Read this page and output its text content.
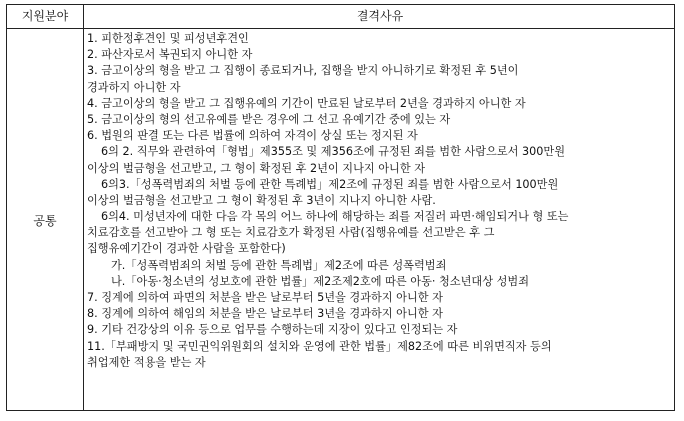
지원분야	결격사유
공통
1. 피한정후견인 및 피성년후견인
2. 파산자로서 복권되지 아니한 자
3. 금고이상의 형을 받고 그 집행이 종료되거나, 집행을 받지 아니하기로 확정된 후 5년이
경과하지 아니한 자
4. 금고이상의 형을 받고 그 집행유예의 기간이 만료된 날로부터 2년을 경과하지 아니한 자
5. 금고이상의 형의 선고유예를 받은 경우에 그 선고 유예기간 중에 있는 자
6. 법원의 판결 또는 다른 법률에 의하여 자격이 상실 또는 정지된 자
6의 2. 직무와 관련하여「형법」제355조 및 제356조에 규정된 죄를 범한 사람으로서 300만원
이상의 벌금형을 선고받고, 그 형이 확정된 후 2년이 지나지 아니한 자
6의3.「성폭력범죄의 처벌 등에 관한 특례법」제2조에 규정된 죄를 범한 사람으로서 100만원
이상의 벌금형을 선고받고 그 형이 확정된 후 3년이 지나지 아니한 사람.
6의4. 미성년자에 대한 다음 각 목의 어느 하나에 해당하는 죄를 저질러 파면·해임되거나 형 또는
치료감호를 선고받아 그 형 또는 치료감호가 확정된 사람(집행유예를 선고받은 후 그
집행유예기간이 경과한 사람을 포함한다)
가.「성폭력범죄의 처벌 등에 관한 특례법」제2조에 따른 성폭력범죄
나.「아동·청소년의 성보호에 관한 법률」제2조제2호에 따른 아동· 청소년대상 성범죄
7. 징계에 의하여 파면의 처분을 받은 날로부터 5년을 경과하지 아니한 자
8. 징계에 의하여 해임의 처분을 받은 날로부터 3년을 경과하지 아니한 자
9. 기타 건강상의 이유 등으로 업무를 수행하는데 지장이 있다고 인정되는 자
11.「부패방지 및 국민권익위원회의 설치와 운영에 관한 법률」제82조에 따른 비위면직자 등의
취업제한 적용을 받는 자
